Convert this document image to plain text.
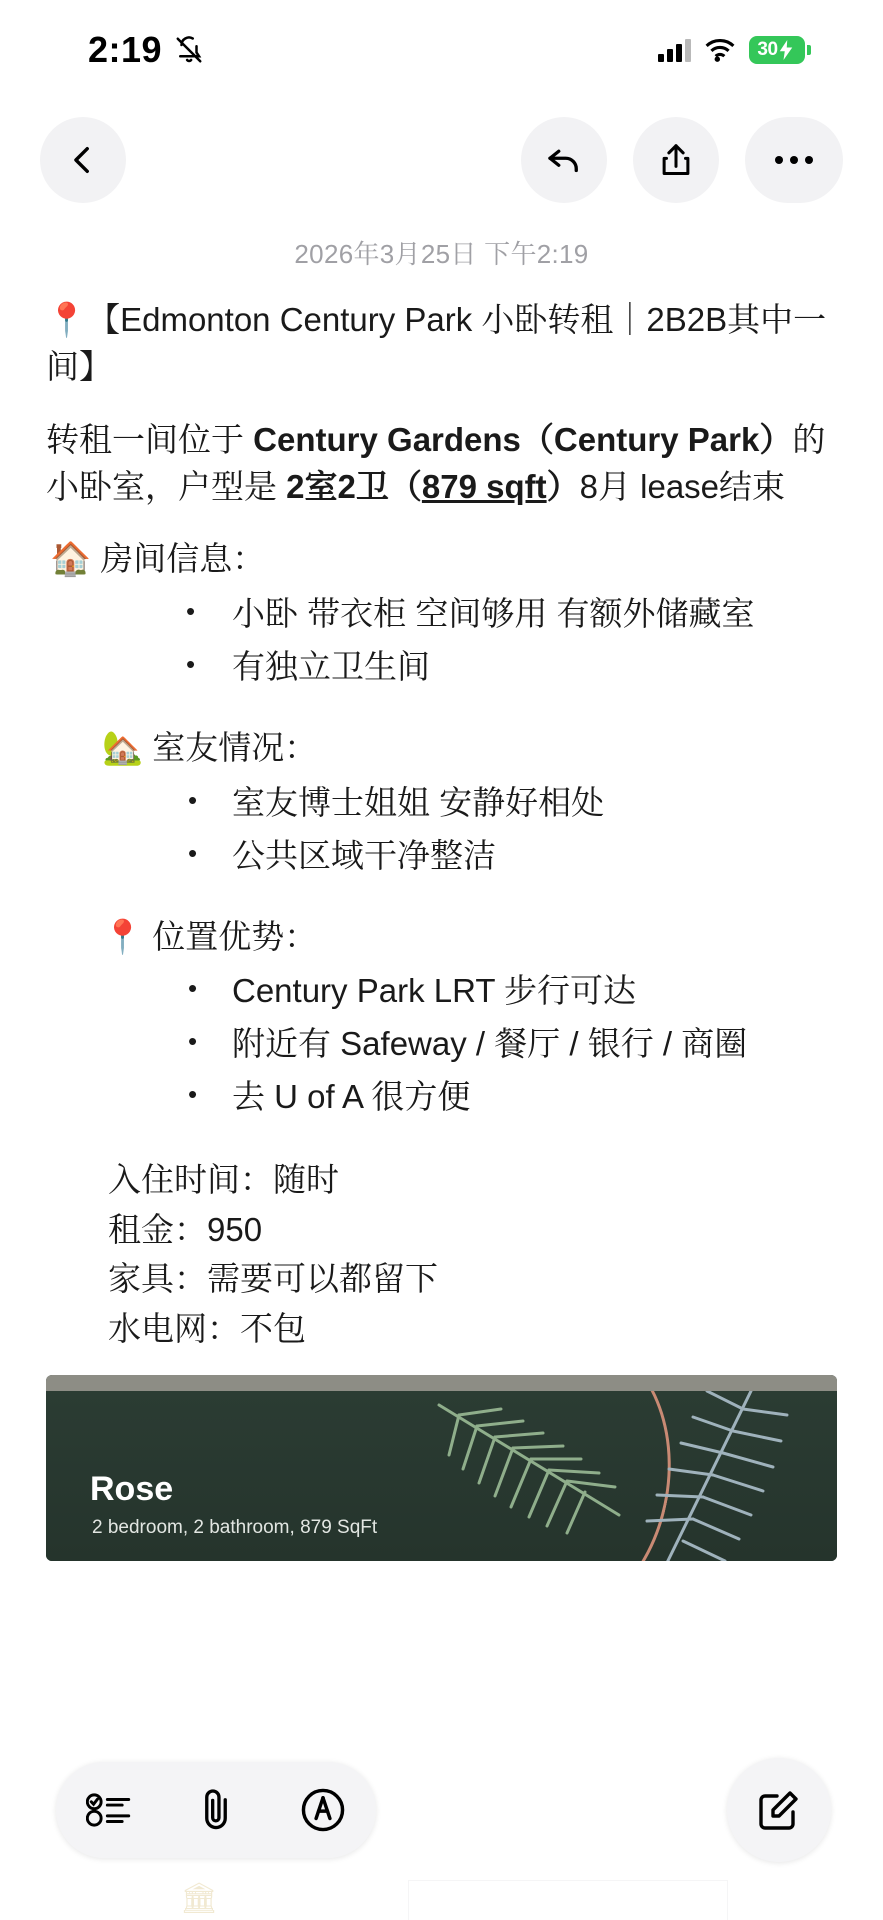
2:19	30
2026年3月25日 下午2:19
📍【Edmonton Century Park 小卧转租｜2B2B其中一间】
转租一间位于 Century Gardens（Century Park）的小卧室，户型是 2室2卫（879 sqft）8月 lease结束
🏠 房间信息：
• 小卧 带衣柜 空间够用 有额外储藏室
• 有独立卫生间
🏡 室友情况：
• 室友博士姐姐 安静好相处
• 公共区域干净整洁
📍 位置优势：
• Century Park LRT 步行可达
• 附近有 Safeway / 餐厅 / 银行 / 商圈
• 去 U of A 很方便
入住时间：随时
租金：950
家具：需要可以都留下
水电网：不包
Rose
2 bedroom, 2 bathroom, 879 SqFt
🏛
